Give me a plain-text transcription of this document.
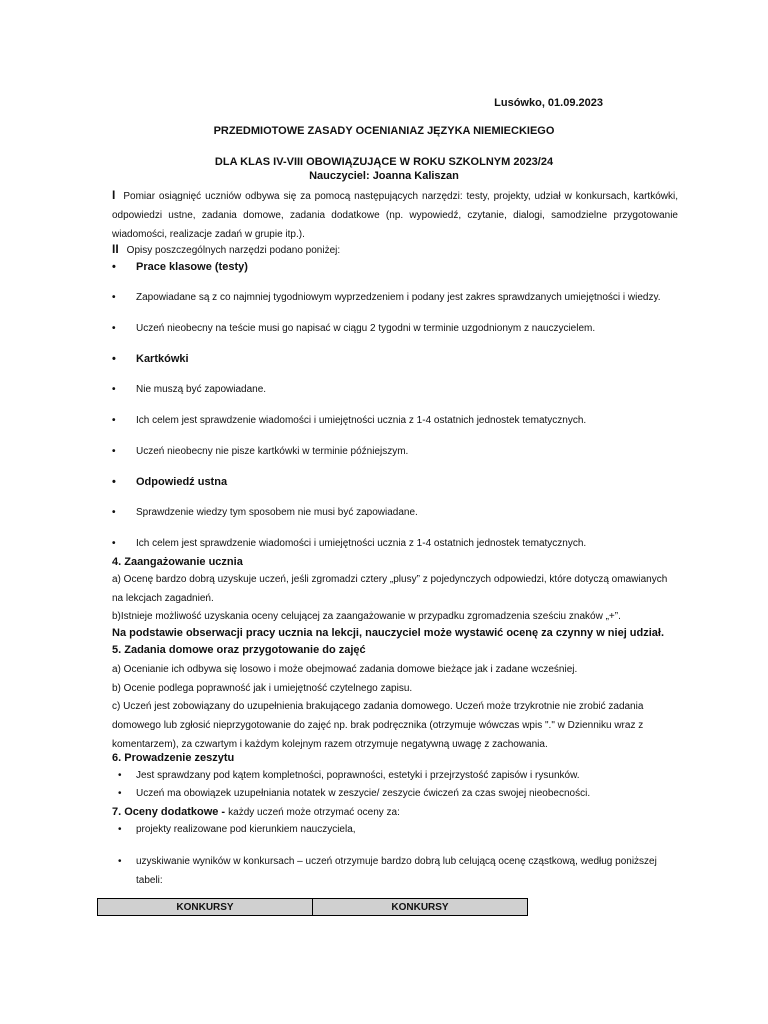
Lusówko, 01.09.2023
PRZEDMIOTOWE ZASADY OCENIANIAZ JĘZYKA NIEMIECKIEGO
DLA KLAS IV-VIII OBOWIĄZUJĄCE W ROKU SZKOLNYM 2023/24
Nauczyciel: Joanna Kaliszan
I Pomiar osiągnięć uczniów odbywa się za pomocą następujących narzędzi: testy, projekty, udział w konkursach, kartkówki, odpowiedzi ustne, zadania domowe, zadania dodatkowe (np. wypowiedź, czytanie, dialogi, samodzielne przygotowanie wiadomości, realizacje zadań w grupie itp.).
II Opisy poszczególnych narzędzi podano poniżej:
• Prace klasowe (testy)
• Zapowiadane są z co najmniej tygodniowym wyprzedzeniem i podany jest zakres sprawdzanych umiejętności i wiedzy.
• Uczeń nieobecny na teście musi go napisać w ciągu 2 tygodni w terminie uzgodnionym z nauczycielem.
• Kartkówki
• Nie muszą być zapowiadane.
• Ich celem jest sprawdzenie wiadomości i umiejętności ucznia z 1-4 ostatnich jednostek tematycznych.
• Uczeń nieobecny nie pisze kartkówki w terminie późniejszym.
• Odpowiedź ustna
• Sprawdzenie wiedzy tym sposobem nie musi być zapowiadane.
• Ich celem jest sprawdzenie wiadomości i umiejętności ucznia z 1-4 ostatnich jednostek tematycznych.
4. Zaangażowanie ucznia
a) Ocenę bardzo dobrą uzyskuje uczeń, jeśli zgromadzi cztery „plusy” z pojedynczych odpowiedzi, które dotyczą omawianych na lekcjach zagadnień.
b)Istnieje możliwość uzyskania oceny celującej za zaangażowanie w przypadku zgromadzenia sześciu znaków „+”.
Na podstawie obserwacji pracy ucznia na lekcji, nauczyciel może wystawić ocenę za czynny w niej udział.
5. Zadania domowe oraz przygotowanie do zajęć
a) Ocenianie ich odbywa się losowo i może obejmować zadania domowe bieżące jak i zadane wcześniej.
b) Ocenie podlega poprawność jak i umiejętność czytelnego zapisu.
c) Uczeń jest zobowiązany do uzupełnienia brakującego zadania domowego. Uczeń może trzykrotnie nie zrobić zadania domowego lub zgłosić nieprzygotowanie do zajęć np. brak podręcznika (otrzymuje wówczas wpis "." w Dzienniku wraz z komentarzem), za czwartym i każdym kolejnym razem otrzymuje negatywną uwagę z zachowania.
6. Prowadzenie zeszytu
• Jest sprawdzany pod kątem kompletności, poprawności, estetyki i przejrzystość zapisów i rysunków.
• Uczeń ma obowiązek uzupełniania notatek w zeszycie/ zeszycie ćwiczeń za czas swojej nieobecności.
7. Oceny dodatkowe - każdy uczeń może otrzymać oceny za:
• projekty realizowane pod kierunkiem nauczyciela,
• uzyskiwanie wyników w konkursach – uczeń otrzymuje bardzo dobrą lub celującą ocenę cząstkową, według poniższej tabeli:
KONKURSY	KONKURSY
